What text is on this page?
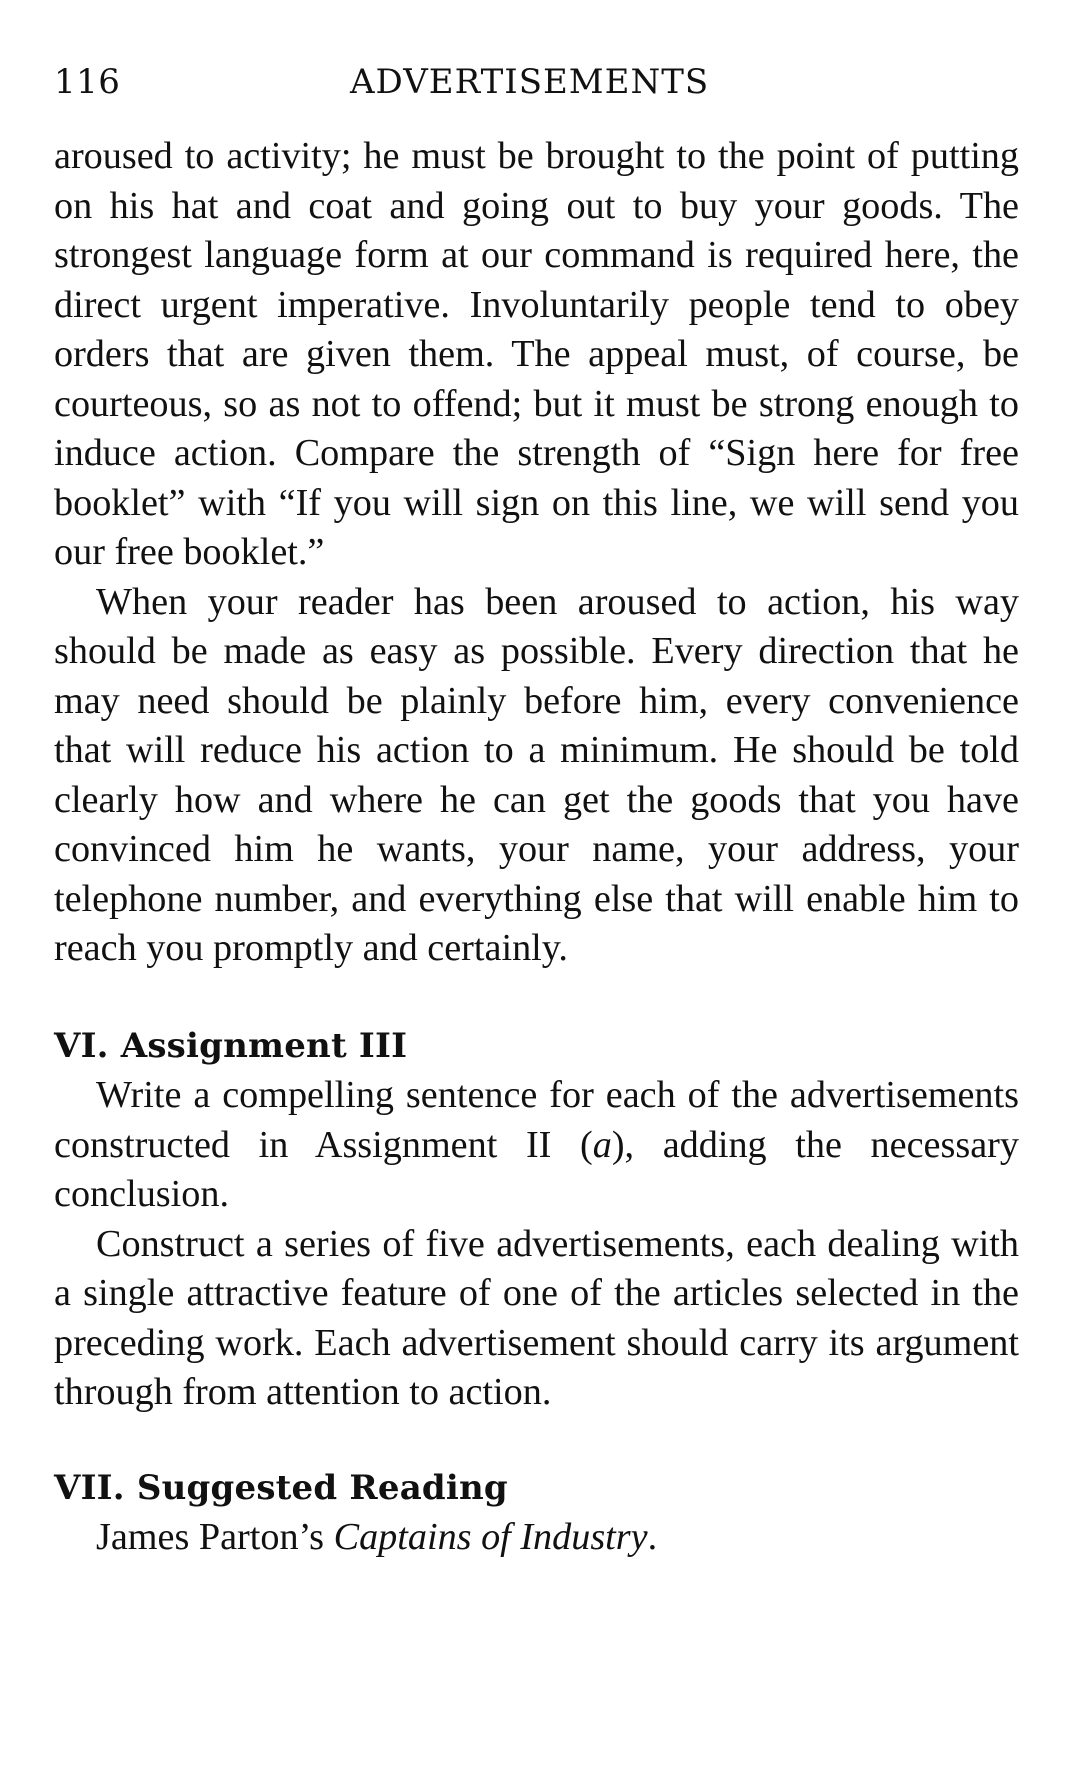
116	ADVERTISEMENTS

aroused to activity; he must be brought to the point of putting on his hat and coat and going out to buy your goods. The strongest language form at our command is required here, the direct urgent imperative. Involuntarily people tend to obey orders that are given them. The appeal must, of course, be courteous, so as not to offend; but it must be strong enough to induce action. Compare the strength of “Sign here for free booklet” with “If you will sign on this line, we will send you our free booklet.”

When your reader has been aroused to action, his way should be made as easy as possible. Every direction that he may need should be plainly before him, every convenience that will reduce his action to a minimum. He should be told clearly how and where he can get the goods that you have convinced him he wants, your name, your address, your telephone number, and everything else that will enable him to reach you promptly and certainly.

VI. Assignment III

Write a compelling sentence for each of the advertisements constructed in Assignment II (a), adding the necessary conclusion.

Construct a series of five advertisements, each dealing with a single attractive feature of one of the articles selected in the preceding work. Each advertisement should carry its argument through from attention to action.

VII. Suggested Reading

James Parton’s Captains of Industry.
